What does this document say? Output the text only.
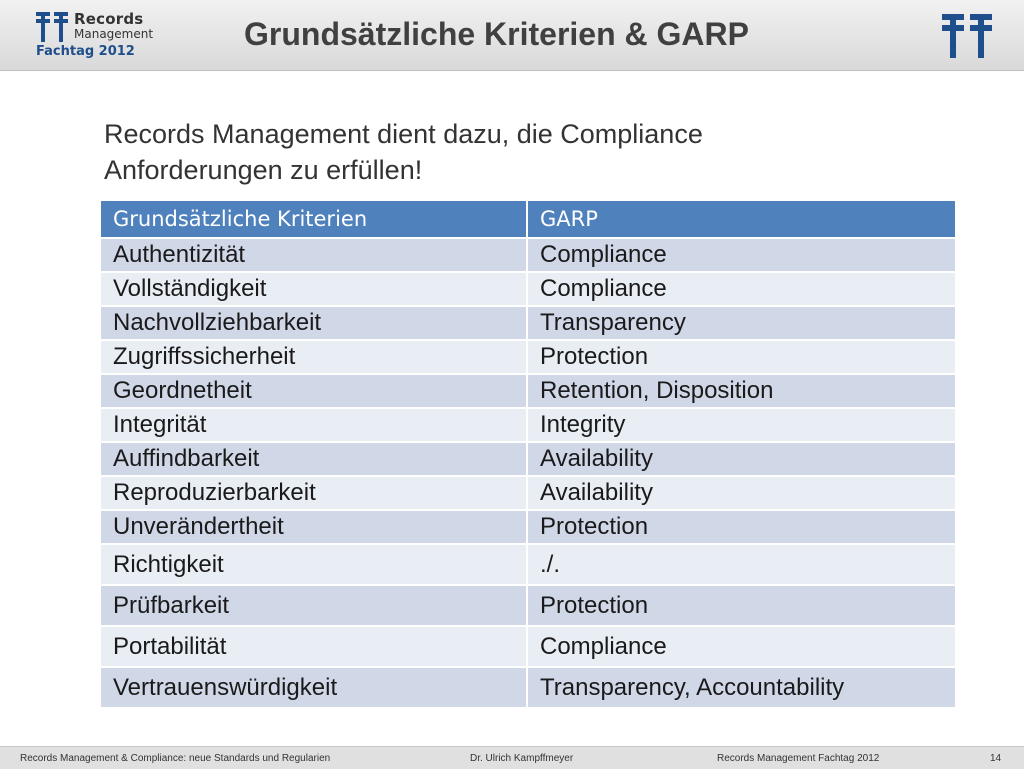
Records
Management
Fachtag 2012	Grundsätzliche Kriterien & GARP
Records Management dient dazu, die Compliance
Anforderungen zu erfüllen!
Grundsätzliche Kriterien	GARP
Authentizität	Compliance
Vollständigkeit	Compliance
Nachvollziehbarkeit	Transparency
Zugriffssicherheit	Protection
Geordnetheit	Retention, Disposition
Integrität	Integrity
Auffindbarkeit	Availability
Reproduzierbarkeit	Availability
Unverändertheit	Protection
Richtigkeit	./.
Prüfbarkeit	Protection
Portabilität	Compliance
Vertrauenswürdigkeit	Transparency, Accountability
Records Management & Compliance: neue Standards und Regularien	Dr. Ulrich Kampffmeyer	Records Management Fachtag 2012	14
